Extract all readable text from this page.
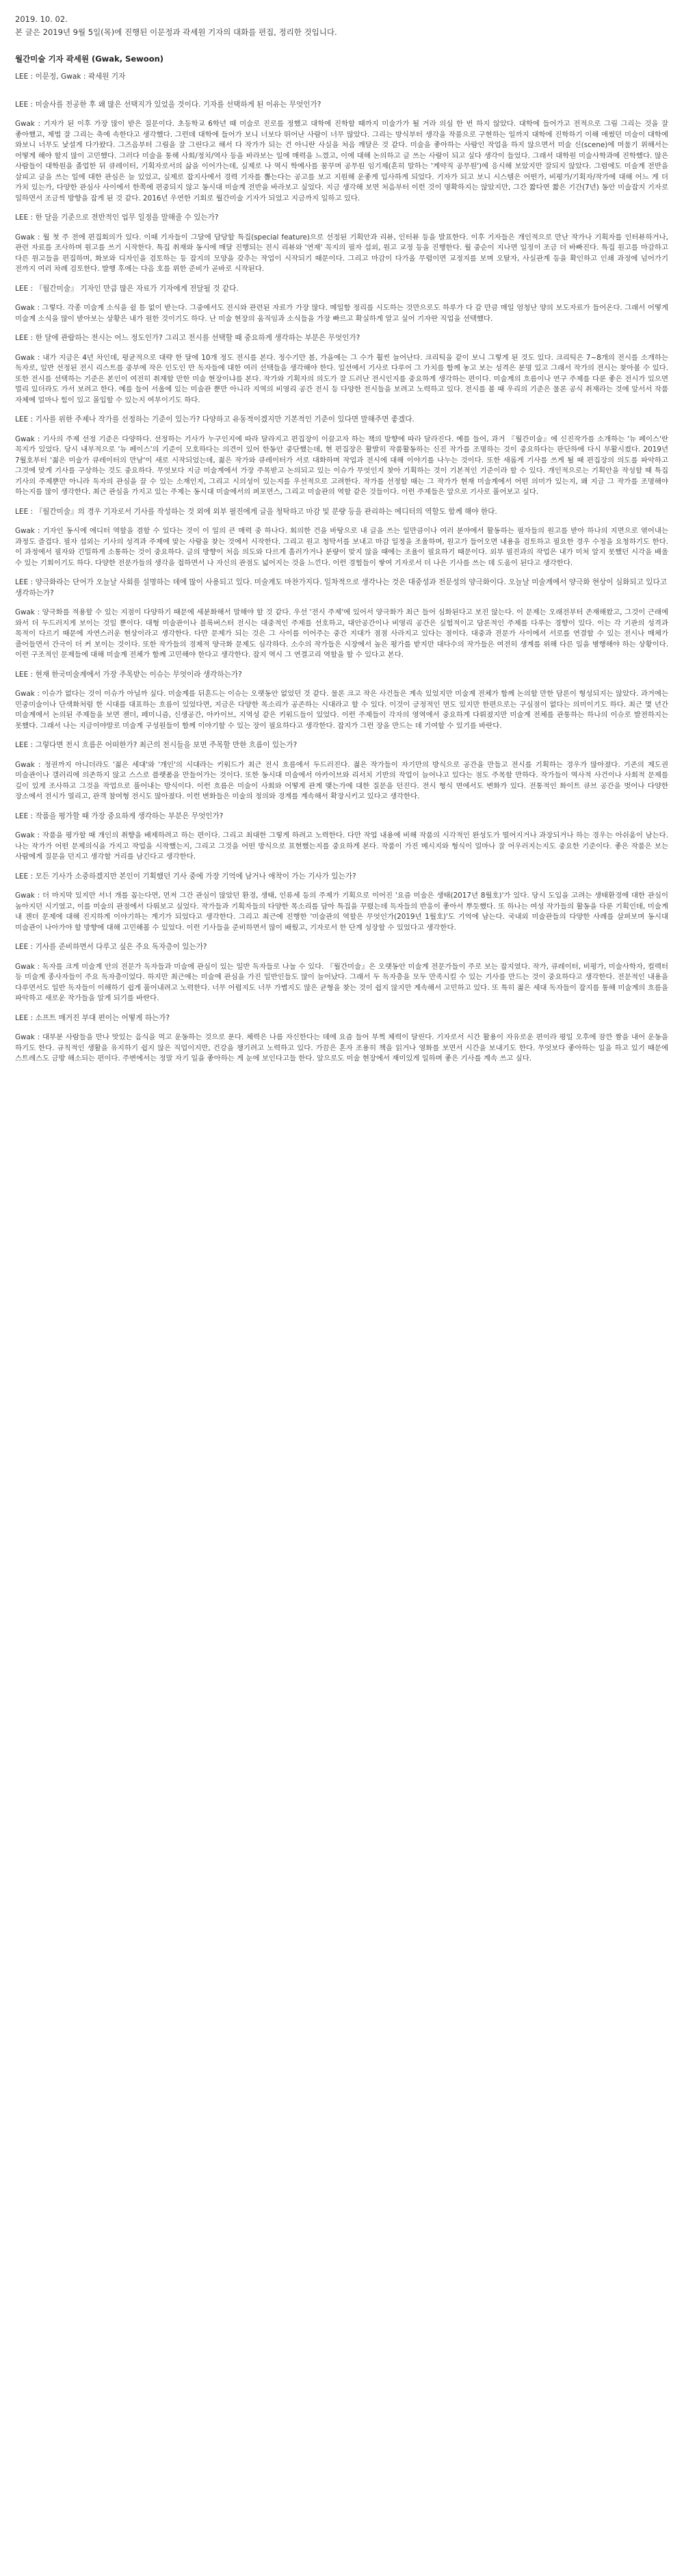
2019. 10. 02.
본 글은 2019년 9월 5일(목)에 진행된 이문정과 곽세원 기자의 대화를 편집, 정리한 것입니다.
월간미술 기자 곽세원 (Gwak, Sewoon)
LEE : 이문정, Gwak : 곽세원 기자
LEE : 미술사를 전공한 후 왜 많은 선택지가 있었을 것이다. 기자를 선택하게 된 이유는 무엇인가?
Gwak : 기자가 된 이후 가장 많이 받은 질문이다. 초등학교 6학년 때 미술로 진로를 정했고 대학에 진학할 때까지 미술가가 될 거라 의심 한 번 하지 않았다. 대학에 들어가고 전적으로 그림 그리는 것을 잘 좋아했고, 제법 잘 그리는 축에 속한다고 생각했다. 그런데 대학에 들어가 보니 너보다 뛰어난 사람이 너무 많았다. 그리는 방식부터 생각을 작품으로 구현하는 일까지 대학에 진학하기 이해 애썼던 미술이 대학에 와보니 너무도 낯설게 다가왔다. 그즈음부터 그림을 잘 그린다고 해서 다 작가가 되는 건 아니란 사실을 처음 깨달은 것 같다. 미술을 좋아하는 사람인 작업을 하지 않으면서 미술 신(scene)에 머물기 위해서는 어떻게 해야 할지 많이 고민했다. 그러다 미술을 통해 사회/정치/역사 등을 바라보는 일에 매력을 느꼈고, 이에 대해 논의하고 글 쓰는 사람이 되고 싶다 생각이 들었다. 그래서 대학원 미술사학과에 진학했다. 많은 사람들이 대학원을 졸업한 뒤 큐레이터, 기획자로서의 삶을 이어가는데, 실제로 나 역시 학예사를 꿈꾸며 공무원 임기제(흔히 말하는 '계약직 공무원')에 응시해 보았지만 잘되지 않았다. 그럼에도 미술계 전반을 살피고 글을 쓰는 일에 대한 관심은 늘 있었고, 실제로 잡지사에서 경력 기자를 뽑는다는 공고를 보고 지원해 운좋게 입사하게 되었다. 기자가 되고 보니 시스템은 어떤가, 비평가/기획자/작가에 대해 어느 게 더 가치 있는가, 다양한 관심사 사이에서 한쪽에 편중되지 않고 동시대 미술계 전반을 바라보고 싶었다. 지금 생각해 보면 처음부터 이런 것이 명확하지는 않았지만, 그간 짧다면 짧은 기간(7년) 동안 미술잡지 기자로 일하면서 조금씩 방향을 잡게 된 것 같다. 2016년 우연한 기회로 월간미술 기자가 되었고 지금까지 일하고 있다.
LEE : 한 달을 기준으로 전반적인 업무 일정을 말해줄 수 있는가?
Gwak : 월 첫 주 전에 편집회의가 있다. 이때 기자들이 그달에 담당할 특집(special feature)으로 선정된 기획안과 리뷰, 인터뷰 등을 발표한다. 이후 기자들은 개인적으로 만난 작가나 기획자를 인터뷰하거나, 관련 자료를 조사하며 원고를 쓰기 시작한다. 특집 취재와 동시에 매달 진행되는 전시 리뷰와 '연재' 꼭지의 필자 섭외, 원고 교정 등을 진행한다. 월 중순이 지나면 일정이 조금 더 바빠진다. 특집 원고를 마감하고 다른 원고들을 편집하며, 화보와 디자인을 검토하는 등 잡지의 모양을 갖추는 작업이 시작되기 때문이다. 그리고 마감이 다가올 무렵이면 교정지를 보며 오탈자, 사실관계 등을 확인하고 인쇄 과정에 넘어가기 전까지 여러 차례 검토한다. 발행 후에는 다음 호를 위한 준비가 곧바로 시작된다.
LEE : 『월간미술』 기자인 만큼 많은 자료가 기자에게 전달될 것 같다.
Gwak : 그렇다. 각종 미술계 소식을 쉴 틈 없이 받는다. 그중에서도 전시와 관련된 자료가 가장 많다. 메일함 정리를 시도하는 것만으로도 하루가 다 갈 만큼 매일 엄청난 양의 보도자료가 들어온다. 그래서 어떻게 미술계 소식을 많이 받아보는 상황은 내가 원한 것이기도 하다. 난 미술 현장의 움직임과 소식들을 가장 빠르고 확실하게 알고 싶어 기자란 직업을 선택했다.
LEE : 한 달에 관람하는 전시는 어느 정도인가? 그리고 전시를 선택할 때 중요하게 생각하는 부분은 무엇인가?
Gwak : 내가 지금은 4년 차인데, 평균적으로 대략 한 달에 10개 정도 전시를 본다. 정수기만 봄, 가을에는 그 수가 훨씬 늘어난다. 크리틱을 같이 보니 그렇게 된 것도 있다. 크리틱은 7~8개의 전시를 소개하는 독자로, 일반 선정된 전시 리스트를 중부에 작은 인도인 만 독자들에 대한 여러 선택들을 생각해야 한다. 일선에서 기사로 다루어 그 가치를 함께 놓고 보는 성격은 분명 있고 그래서 작가의 전시는 찾아볼 수 있다. 또한 전시를 선택하는 기준은 본인이 여전히 취재할 만한 미술 현장이냐를 본다. 작가와 기획자의 의도가 잘 드러난 전시인지를 중요하게 생각하는 편이다. 미술계의 흐름이나 연구 주제를 다룬 좋은 전시가 있으면 멀리 있더라도 가서 보려고 한다. 예를 들어 서울에 있는 미술관 뿐만 아니라 지역의 비영리 공간 전시 등 다양한 전시들을 보려고 노력하고 있다. 전시를 볼 때 우리의 기준은 물론 공식 취재라는 것에 앞서서 작품 자체에 얼마나 힘이 있고 몰입할 수 있는지 여부이기도 하다.
LEE : 기사를 위한 주제나 작가를 선정하는 기준이 있는가? 다양하고 유동적이겠지만 기본적인 기준이 있다면 말해주면 좋겠다.
Gwak : 기사의 주제 선정 기준은 다양하다. 선정하는 기사가 누구인지에 따라 달라지고 편집장이 이끌고자 하는 책의 방향에 따라 달라진다. 예를 들어, 과거 『월간미술』에 신진작가를 소개하는 '뉴 페이스'란 꼭지가 있었다. 당시 내부적으로 '뉴 페이스'의 기준이 모호하다는 의견이 있어 한동안 중단했는데, 현 편집장은 활발히 작품활동하는 신진 작가를 조명하는 것이 중요하다는 판단하에 다시 부활시켰다. 2019년 7월호부터 '젊은 미술가 큐레이터의 만남'이 새로 시작되었는데, 젊은 작가와 큐레이터가 서로 대화하며 작업과 전시에 대해 이야기를 나누는 것이다. 또한 새롭게 기사를 쓰게 될 때 편집장의 의도를 파악하고 그것에 맞게 기사를 구상하는 것도 중요하다. 무엇보다 지금 미술계에서 가장 주목받고 논의되고 있는 이슈가 무엇인지 찾아 기획하는 것이 기본적인 기준이라 할 수 있다. 개인적으로는 기획안을 작성할 때 특집 기사의 주제뿐만 아니라 독자의 관심을 끌 수 있는 소재인지, 그리고 시의성이 있는지를 우선적으로 고려한다. 작가를 선정할 때는 그 작가가 현재 미술계에서 어떤 의미가 있는지, 왜 지금 그 작가를 조명해야 하는지를 많이 생각한다. 최근 관심을 가지고 있는 주제는 동시대 미술에서의 퍼포먼스, 그리고 미술관의 역할 같은 것들이다. 이런 주제들은 앞으로 기사로 풀어보고 싶다.
LEE : 『월간미술』의 경우 기자로서 기사를 작성하는 것 외에 외부 필진에게 글을 청탁하고 마감 및 분량 등을 관리하는 에디터의 역할도 함께 해야 한다.
Gwak : 기자인 동시에 에디터 역할을 겸할 수 있다는 것이 이 일의 큰 매력 중 하나다. 회의한 건을 바탕으로 내 글을 쓰는 일만큼이나 여러 분야에서 활동하는 필자들의 원고를 받아 하나의 지면으로 엮어내는 과정도 즐겁다. 필자 섭외는 기사의 성격과 주제에 맞는 사람을 찾는 것에서 시작한다. 그리고 원고 청탁서를 보내고 마감 일정을 조율하며, 원고가 들어오면 내용을 검토하고 필요한 경우 수정을 요청하기도 한다. 이 과정에서 필자와 긴밀하게 소통하는 것이 중요하다. 글의 방향이 처음 의도와 다르게 흘러가거나 분량이 맞지 않을 때에는 조율이 필요하기 때문이다. 외부 필진과의 작업은 내가 미처 알지 못했던 시각을 배울 수 있는 기회이기도 하다. 다양한 전문가들의 생각을 접하면서 나 자신의 관점도 넓어지는 것을 느낀다. 이런 경험들이 쌓여 기자로서 더 나은 기사를 쓰는 데 도움이 된다고 생각한다.
LEE : 양극화라는 단어가 오늘날 사회를 설명하는 데에 많이 사용되고 있다. 미술계도 마찬가지다. 일차적으로 생각나는 것은 대중성과 전문성의 양극화이다. 오늘날 미술계에서 양극화 현상이 심화되고 있다고 생각하는가?
Gwak : 양극화를 적용할 수 있는 지점이 다양하기 때문에 세분화해서 말해야 할 것 같다. 우선 '전시 주제'에 있어서 양극화가 최근 들어 심화된다고 보진 않는다. 이 문제는 오래전부터 존재해왔고, 그것이 근래에 와서 더 두드러지게 보이는 것일 뿐이다. 대형 미술관이나 블록버스터 전시는 대중적인 주제를 선호하고, 대안공간이나 비영리 공간은 실험적이고 담론적인 주제를 다루는 경향이 있다. 이는 각 기관의 성격과 목적이 다르기 때문에 자연스러운 현상이라고 생각한다. 다만 문제가 되는 것은 그 사이를 이어주는 중간 지대가 점점 사라지고 있다는 점이다. 대중과 전문가 사이에서 서로를 연결할 수 있는 전시나 매체가 줄어들면서 간극이 더 커 보이는 것이다. 또한 작가들의 경제적 양극화 문제도 심각하다. 소수의 작가들은 시장에서 높은 평가를 받지만 대다수의 작가들은 여전히 생계를 위해 다른 일을 병행해야 하는 상황이다. 이런 구조적인 문제들에 대해 미술계 전체가 함께 고민해야 한다고 생각한다. 잡지 역시 그 연결고리 역할을 할 수 있다고 본다.
LEE : 현재 한국미술계에서 가장 주목받는 이슈는 무엇이라 생각하는가?
Gwak : 이슈가 없다는 것이 이슈가 아닐까 싶다. 미술계를 뒤흔드는 이슈는 오랫동안 없었던 것 같다. 물론 크고 작은 사건들은 계속 있었지만 미술계 전체가 함께 논의할 만한 담론이 형성되지는 않았다. 과거에는 민중미술이나 단색화처럼 한 시대를 대표하는 흐름이 있었다면, 지금은 다양한 목소리가 공존하는 시대라고 할 수 있다. 이것이 긍정적인 면도 있지만 한편으로는 구심점이 없다는 의미이기도 하다. 최근 몇 년간 미술계에서 논의된 주제들을 보면 젠더, 페미니즘, 신생공간, 아카이브, 지역성 같은 키워드들이 있었다. 이런 주제들이 각자의 영역에서 중요하게 다뤄졌지만 미술계 전체를 관통하는 하나의 이슈로 발전하지는 못했다. 그래서 나는 지금이야말로 미술계 구성원들이 함께 이야기할 수 있는 장이 필요하다고 생각한다. 잡지가 그런 장을 만드는 데 기여할 수 있기를 바란다.
LEE : 그렇다면 전시 흐름은 어떠한가? 최근의 전시들을 보면 주목할 만한 흐름이 있는가?
Gwak : 정권까지 아니더라도 '젊은 세대'와 '개인'의 시대라는 키워드가 최근 전시 흐름에서 두드러진다. 젊은 작가들이 자기만의 방식으로 공간을 만들고 전시를 기획하는 경우가 많아졌다. 기존의 제도권 미술관이나 갤러리에 의존하지 않고 스스로 플랫폼을 만들어가는 것이다. 또한 동시대 미술에서 아카이브와 리서치 기반의 작업이 늘어나고 있다는 점도 주목할 만하다. 작가들이 역사적 사건이나 사회적 문제를 깊이 있게 조사하고 그것을 작업으로 풀어내는 방식이다. 이런 흐름은 미술이 사회와 어떻게 관계 맺는가에 대한 질문을 던진다. 전시 형식 면에서도 변화가 있다. 전통적인 화이트 큐브 공간을 벗어나 다양한 장소에서 전시가 열리고, 관객 참여형 전시도 많아졌다. 이런 변화들은 미술의 정의와 경계를 계속해서 확장시키고 있다고 생각한다.
LEE : 작품을 평가할 때 가장 중요하게 생각하는 부분은 무엇인가?
Gwak : 작품을 평가할 때 개인의 취향을 배제하려고 하는 편이다. 그리고 최대한 그렇게 하려고 노력한다. 다만 작업 내용에 비해 작품의 시각적인 완성도가 떨어지거나 과장되거나 하는 경우는 아쉬움이 남는다. 나는 작가가 어떤 문제의식을 가지고 작업을 시작했는지, 그리고 그것을 어떤 방식으로 표현했는지를 중요하게 본다. 작품이 가진 메시지와 형식이 얼마나 잘 어우러지는지도 중요한 기준이다. 좋은 작품은 보는 사람에게 질문을 던지고 생각할 거리를 남긴다고 생각한다.
LEE : 모든 기사가 소중하겠지만 본인이 기획했던 기사 중에 가장 기억에 남거나 애착이 가는 기사가 있는가?
Gwak : 더 마지막 있지만 서너 개를 꼽는다면, 먼저 그간 관심이 많았던 환경, 생태, 인류세 등의 주제가 기획으로 이어진 '요즘 미술은 생태(2017년 8월호)'가 있다. 당시 도입을 고려는 생태환경에 대한 관심이 높아지던 시기였고, 이를 미술의 관점에서 다뤄보고 싶었다. 작가들과 기획자들의 다양한 목소리를 담아 특집을 꾸렸는데 독자들의 반응이 좋아서 뿌듯했다. 또 하나는 여성 작가들의 활동을 다룬 기획인데, 미술계 내 젠더 문제에 대해 진지하게 이야기하는 계기가 되었다고 생각한다. 그리고 최근에 진행한 '미술관의 역할은 무엇인가(2019년 1월호)'도 기억에 남는다. 국내외 미술관들의 다양한 사례를 살펴보며 동시대 미술관이 나아가야 할 방향에 대해 고민해볼 수 있었다. 이런 기사들을 준비하면서 많이 배웠고, 기자로서 한 단계 성장할 수 있었다고 생각한다.
LEE : 기사를 준비하면서 다루고 싶은 주요 독자층이 있는가?
Gwak : 독자를 크게 미술계 안의 전문가 독자들과 미술에 관심이 있는 일반 독자들로 나눌 수 있다. 『월간미술』은 오랫동안 미술계 전문가들이 주로 보는 잡지였다. 작가, 큐레이터, 비평가, 미술사학자, 컬렉터 등 미술계 종사자들이 주요 독자층이었다. 하지만 최근에는 미술에 관심을 가진 일반인들도 많이 늘어났다. 그래서 두 독자층을 모두 만족시킬 수 있는 기사를 만드는 것이 중요하다고 생각한다. 전문적인 내용을 다루면서도 일반 독자들이 이해하기 쉽게 풀어내려고 노력한다. 너무 어렵지도 너무 가볍지도 않은 균형을 찾는 것이 쉽지 않지만 계속해서 고민하고 있다. 또 특히 젊은 세대 독자들이 잡지를 통해 미술계의 흐름을 파악하고 새로운 작가들을 알게 되기를 바란다.
LEE : 소프트 매거진 부대 편이는 어떻게 하는가?
Gwak : 대부분 사람들을 만나 맛있는 음식을 먹고 운동하는 것으로 푼다. 체력은 나름 자신한다는 데에 요즘 들어 부쩍 체력이 달린다. 기자로서 시간 활용이 자유로운 편이라 평일 오후에 잠깐 짬을 내어 운동을 하기도 한다. 규칙적인 생활을 유지하기 쉽지 않은 직업이지만, 건강을 챙기려고 노력하고 있다. 가끔은 혼자 조용히 책을 읽거나 영화를 보면서 시간을 보내기도 한다. 무엇보다 좋아하는 일을 하고 있기 때문에 스트레스도 금방 해소되는 편이다. 주변에서는 정말 자기 일을 좋아하는 게 눈에 보인다고들 한다. 앞으로도 미술 현장에서 재미있게 일하며 좋은 기사를 계속 쓰고 싶다.
